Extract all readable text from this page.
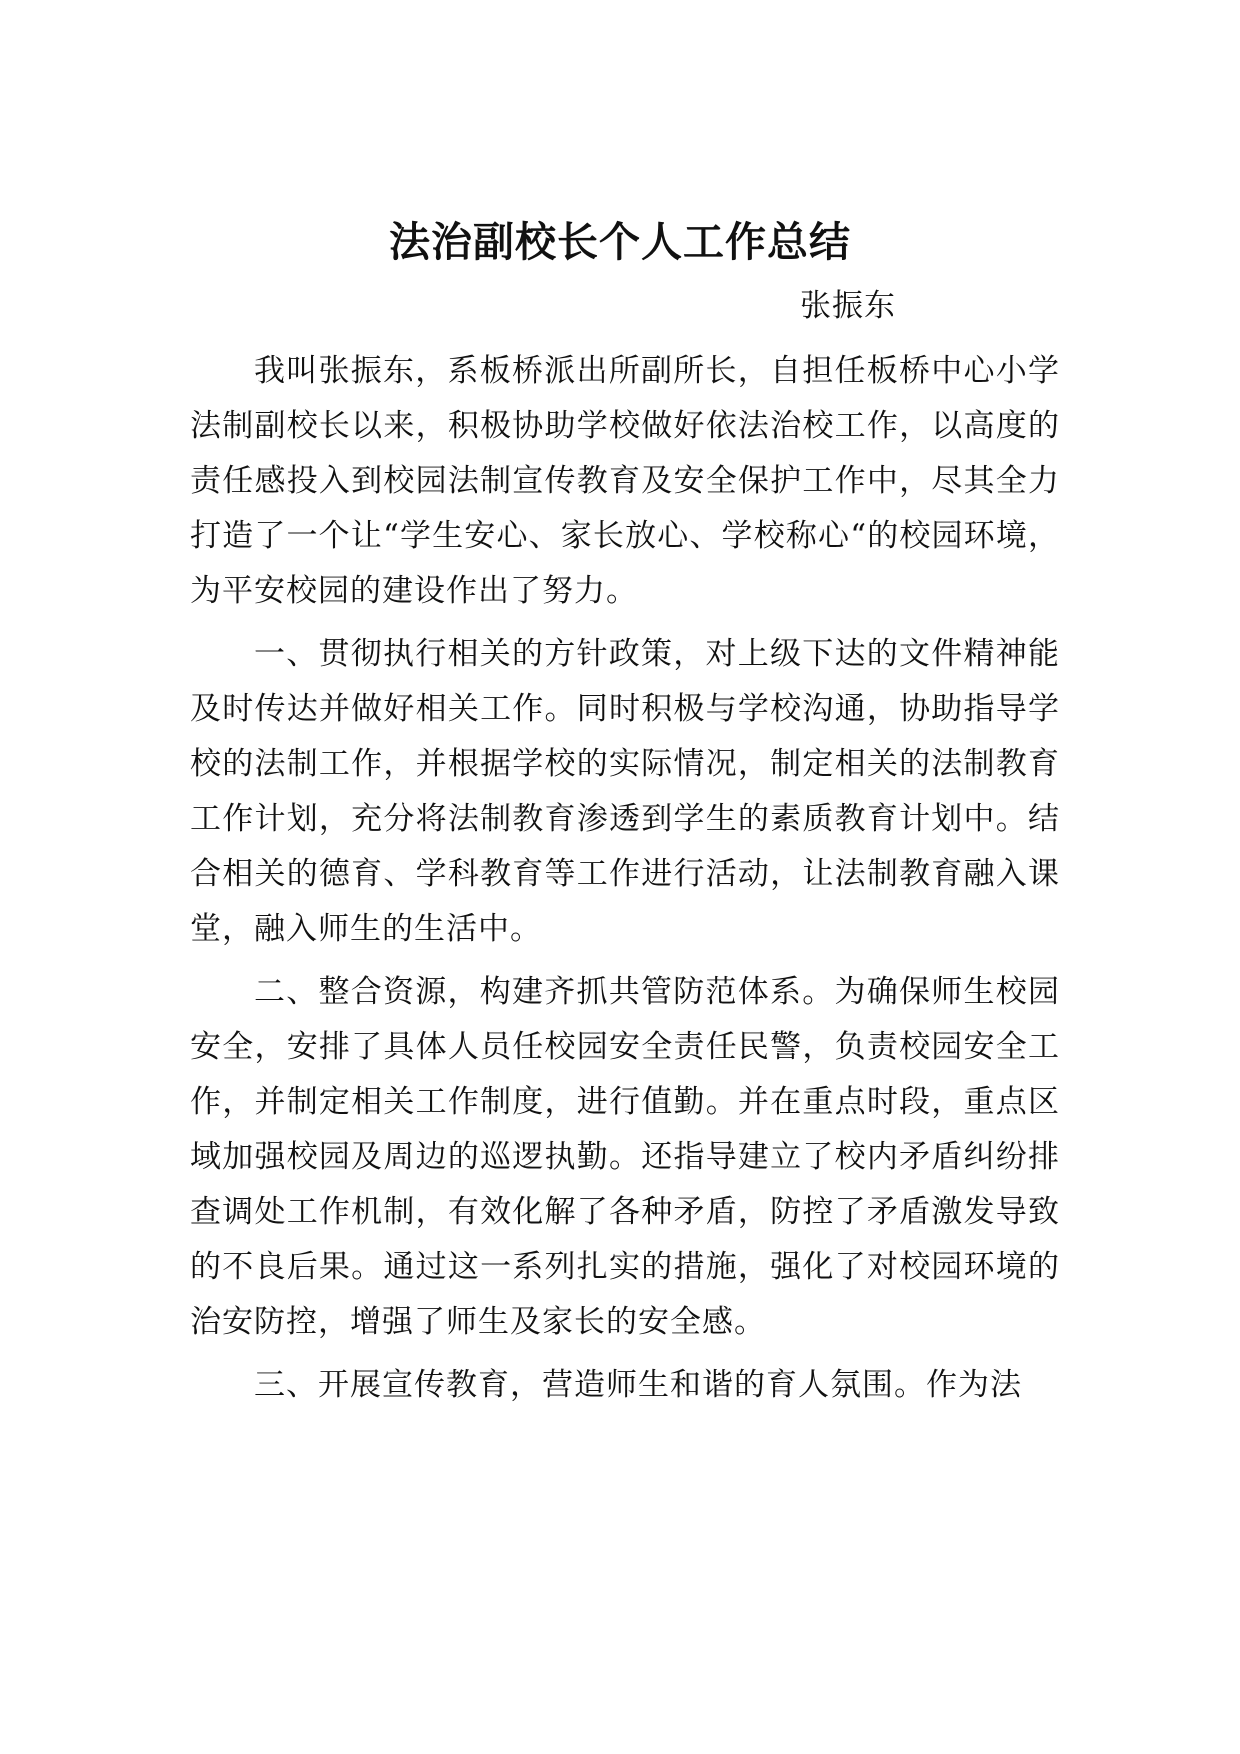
法治副校长个人工作总结
张振东

我叫张振东，系板桥派出所副所长，自担任板桥中心小学法制副校长以来，积极协助学校做好依法治校工作，以高度的责任感投入到校园法制宣传教育及安全保护工作中，尽其全力打造了一个让“学生安心、家长放心、学校称心“的校园环境，为平安校园的建设作出了努力。

一、贯彻执行相关的方针政策，对上级下达的文件精神能及时传达并做好相关工作。同时积极与学校沟通，协助指导学校的法制工作，并根据学校的实际情况，制定相关的法制教育工作计划，充分将法制教育渗透到学生的素质教育计划中。结合相关的德育、学科教育等工作进行活动，让法制教育融入课堂，融入师生的生活中。

二、整合资源，构建齐抓共管防范体系。为确保师生校园安全，安排了具体人员任校园安全责任民警，负责校园安全工作，并制定相关工作制度，进行值勤。并在重点时段，重点区域加强校园及周边的巡逻执勤。还指导建立了校内矛盾纠纷排查调处工作机制，有效化解了各种矛盾，防控了矛盾激发导致的不良后果。通过这一系列扎实的措施，强化了对校园环境的治安防控，增强了师生及家长的安全感。

三、开展宣传教育，营造师生和谐的育人氛围。作为法
